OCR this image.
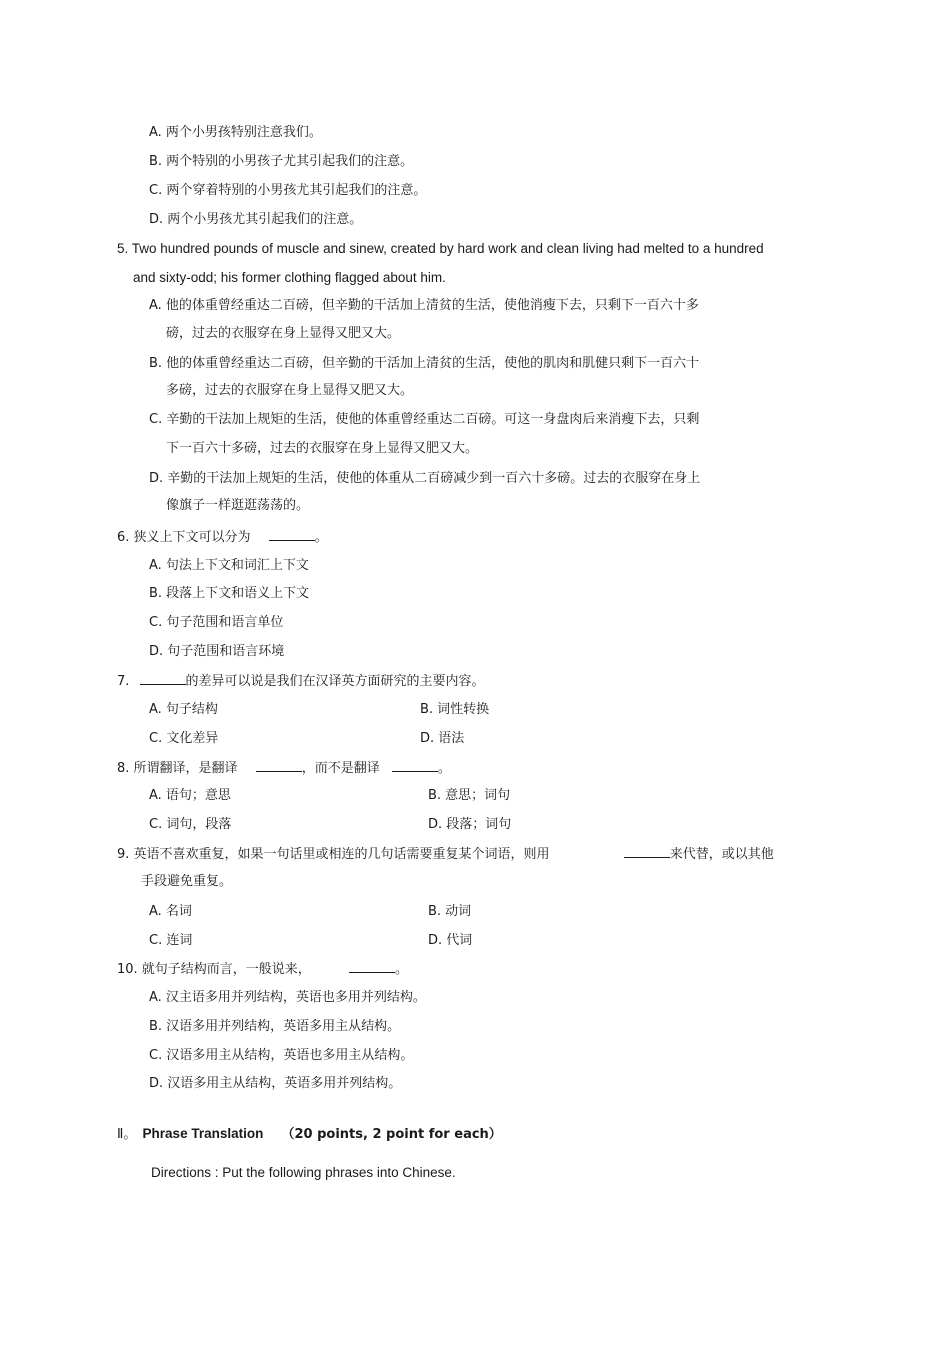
A. 两个小男孩特别注意我们。
B. 两个特别的小男孩子尤其引起我们的注意。
C. 两个穿着特别的小男孩尤其引起我们的注意。
D. 两个小男孩尤其引起我们的注意。
5. Two hundred pounds of muscle and sinew, created by hard work and clean living had melted to a hundred
and sixty-odd; his former clothing flagged about him.
A. 他的体重曾经重达二百磅，但辛勤的干活加上清贫的生活，使他消瘦下去，只剩下一百六十多
磅，过去的衣服穿在身上显得又肥又大。
B. 他的体重曾经重达二百磅，但辛勤的干活加上清贫的生活，使他的肌肉和肌健只剩下一百六十
多磅，过去的衣服穿在身上显得又肥又大。
C. 辛勤的干法加上规矩的生活，使他的体重曾经重达二百磅。可这一身盘肉后来消瘦下去，只剩
下一百六十多磅，过去的衣服穿在身上显得又肥又大。
D. 辛勤的干法加上规矩的生活，使他的体重从二百磅减少到一百六十多磅。过去的衣服穿在身上
像旗子一样逛逛荡荡的。
6. 狭义上下文可以分为	。
A. 句法上下文和词汇上下文
B. 段落上下文和语义上下文
C. 句子范围和语言单位
D. 句子范围和语言环境
7.	的差异可以说是我们在汉译英方面研究的主要内容。
A. 句子结构	B. 词性转换
C. 文化差异	D. 语法
8. 所谓翻译，是翻译	，而不是翻译	。
A. 语句；意思	B. 意思；词句
C. 词句，段落	D. 段落；词句
9. 英语不喜欢重复，如果一句话里或相连的几句话需要重复某个词语，则用	来代替，或以其他
手段避免重复。
A. 名词	B. 动词
C. 连词	D. 代词
10. 就句子结构而言，一般说来，	。
A. 汉主语多用并列结构，英语也多用并列结构。
B. 汉语多用并列结构，英语多用主从结构。
C. 汉语多用主从结构，英语也多用主从结构。
D. 汉语多用主从结构，英语多用并列结构。
Ⅱ。 Phrase Translation （20 points, 2 point for each）
Directions : Put the following phrases into Chinese.
